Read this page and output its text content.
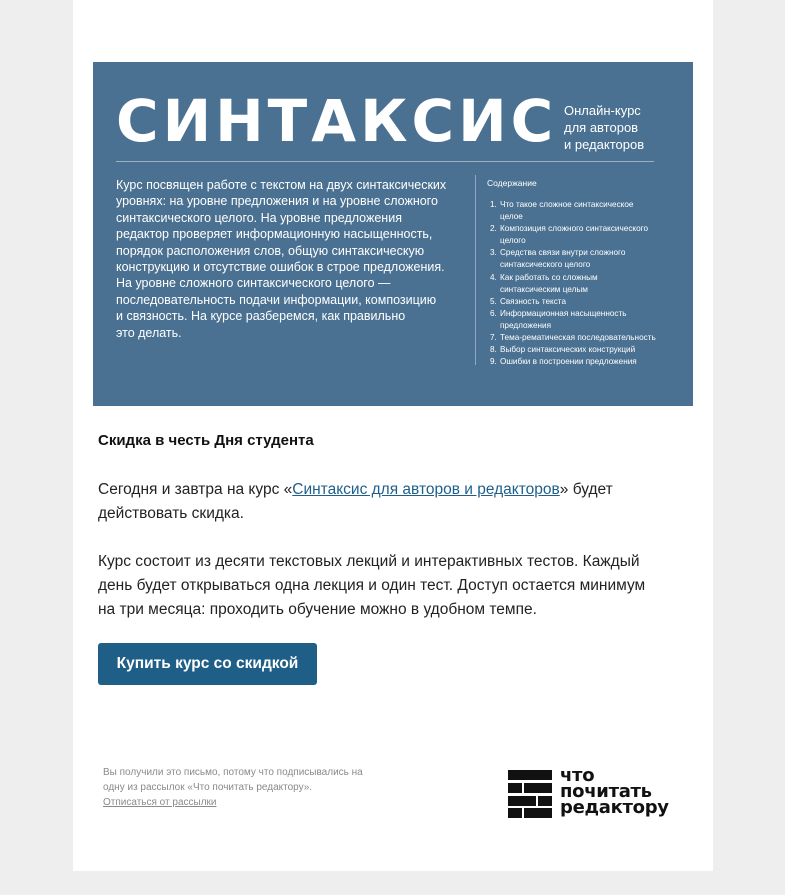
СИНТАКСИС Онлайн-курс
для авторов
и редакторов
Курс посвящен работе с текстом на двух синтаксических
уровнях: на уровне предложения и на уровне сложного
синтаксического целого. На уровне предложения
редактор проверяет информационную насыщенность,
порядок расположения слов, общую синтаксическую
конструкцию и отсутствие ошибок в строе предложения.
На уровне сложного синтаксического целого —
последовательность подачи информации, композицию
и связность. На курсе разберемся, как правильно
это делать.
Содержание
1. Что такое сложное синтаксическое
целое
2. Композиция сложного синтаксического
целого
3. Средства связи внутри сложного
синтаксического целого
4. Как работать со сложным
синтаксическим целым
5. Связность текста
6. Информационная насыщенность
предложения
7. Тема-рематическая последовательность
8. Выбор синтаксических конструкций
9. Ошибки в построении предложения
Скидка в честь Дня студента
Сегодня и завтра на курс «Синтаксис для авторов и редакторов» будет
действовать скидка.
Курс состоит из десяти текстовых лекций и интерактивных тестов. Каждый
день будет открываться одна лекция и один тест. Доступ остается минимум
на три месяца: проходить обучение можно в удобном темпе.
Купить курс со скидкой
Вы получили это письмо, потому что подписывались на
одну из рассылок «Что почитать редактору».
Отписаться от рассылки
что
почитать
редактору
